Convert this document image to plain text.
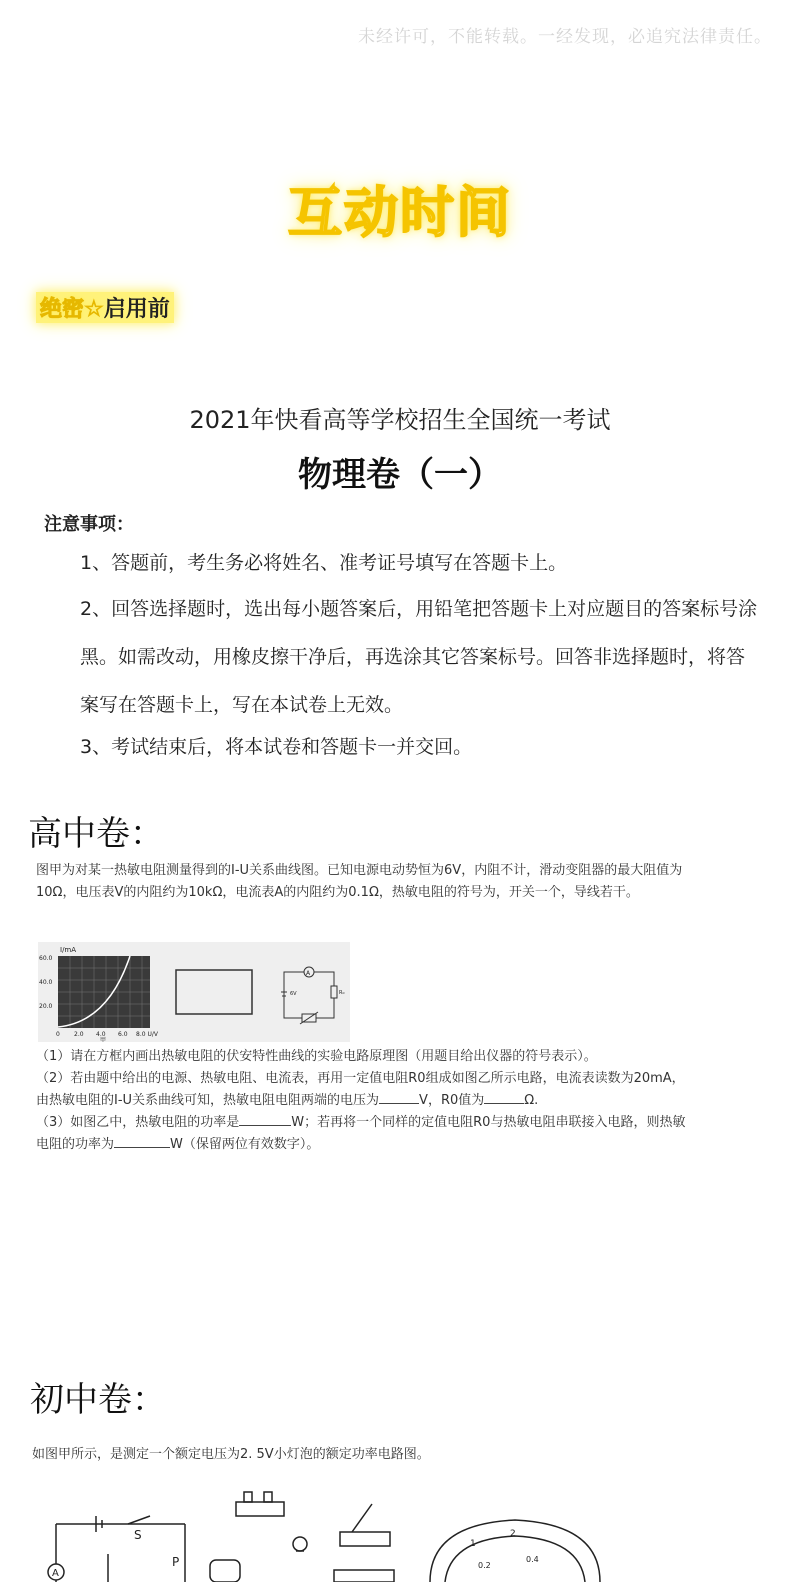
未经许可，不能转载。一经发现，必追究法律责任。
互动时间
绝密☆启用前
2021年快看高等学校招生全国统一考试
物理卷（一）
注意事项：
1、答题前，考生务必将姓名、准考证号填写在答题卡上。
2、回答选择题时，选出每小题答案后，用铅笔把答题卡上对应题目的答案标号涂黑。如需改动，用橡皮擦干净后，再选涂其它答案标号。回答非选择题时，将答案写在答题卡上，写在本试卷上无效。
3、考试结束后，将本试卷和答题卡一并交回。
高中卷：
图甲为对某一热敏电阻测量得到的I-U关系曲线图。已知电源电动势恒为6V，内阻不计，滑动变阻器的最大阻值为10Ω，电压表V的内阻约为10kΩ，电流表A的内阻约为0.1Ω，热敏电阻的符号为，开关一个，导线若干。
I/mA
60.0
40.0
20.0
0 2.0 4.0 6.0 8.0 U/V
甲
A
6V	R₀
（1）请在方框内画出热敏电阻的伏安特性曲线的实验电路原理图（用题目给出仪器的符号表示）。
（2）若由题中给出的电源、热敏电阻、电流表，再用一定值电阻R0组成如图乙所示电路，电流表读数为20mA，由热敏电阻的I-U关系曲线可知，热敏电阻电阻两端的电压为	V，R0值为	Ω.
（3）如图乙中，热敏电阻的功率是	W；若再将一个同样的定值电阻R0与热敏电阻串联接入电路，则热敏电阻的功率为	W（保留两位有效数字）。
初中卷：
如图甲所示，是测定一个额定电压为2. 5V小灯泡的额定功率电路图。
A
S
P
1
2
0.2
0.4
